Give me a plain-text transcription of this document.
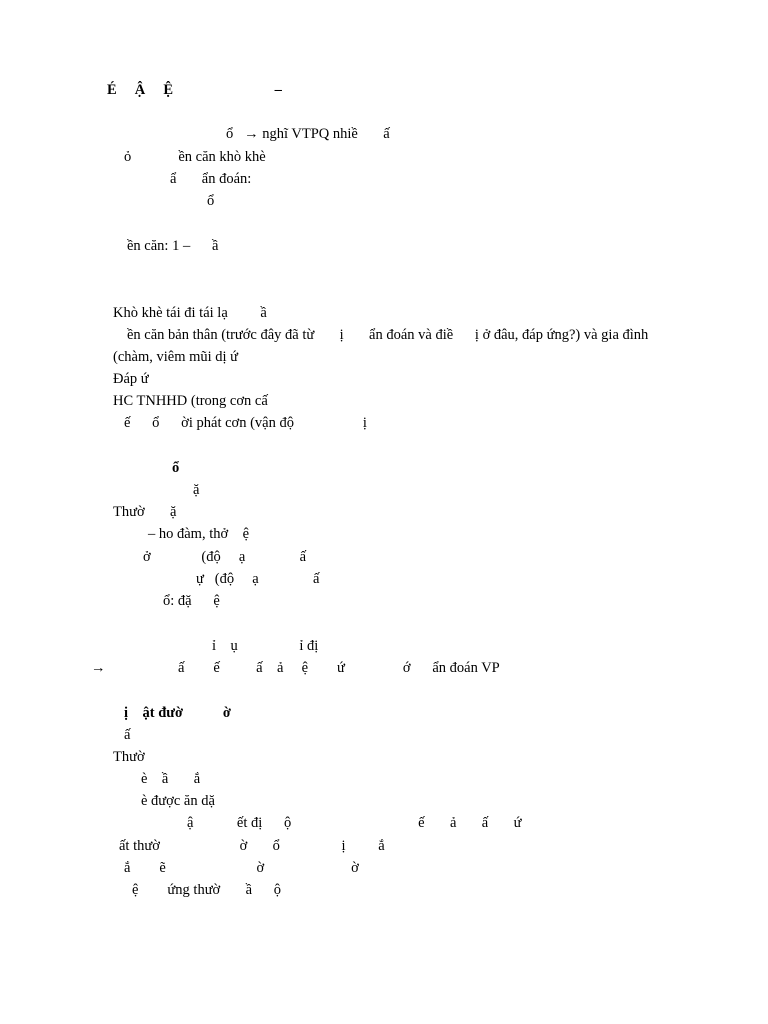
É     Ậ     Ệ                            –
ổ   → nghĩ VTPQ nhiề       ấ
ỏ             ền căn khò khè
ẩ       ẩn đoán:
ổ
ền căn: 1 –      ầ
Khò khè tái đi tái lạ         ầ
ền căn bản thân (trước đây đã từ       ị       ẩn đoán và điề      ị ở đâu, đáp ứng?) và gia đình
(chàm, viêm mũi dị ứ
Đáp ứ
HC TNHHD (trong cơn cấ
ế      ổ      ời phát cơn (vận độ                   ị
ổ
ặ
Thườ       ặ
– ho đàm, thở    ệ
ở              (độ     ạ               ấ
ự   (độ     ạ               ấ
ổ: đặ      ệ
ỉ    ụ                 ỉ đị
→	ấ        ế          ấ    ả     ệ        ứ                ớ      ẩn đoán VP
ị    ật đườ           ờ
ấ
Thườ
è    ầ       ắ
è được ăn dặ
ậ            ết đị      ộ                                   ế       ả       ấ       ứ
ất thườ                      ờ       ổ                 ị         ắ
ắ        ẽ                         ờ                        ờ
ệ        ứng thườ       ầ      ộ
